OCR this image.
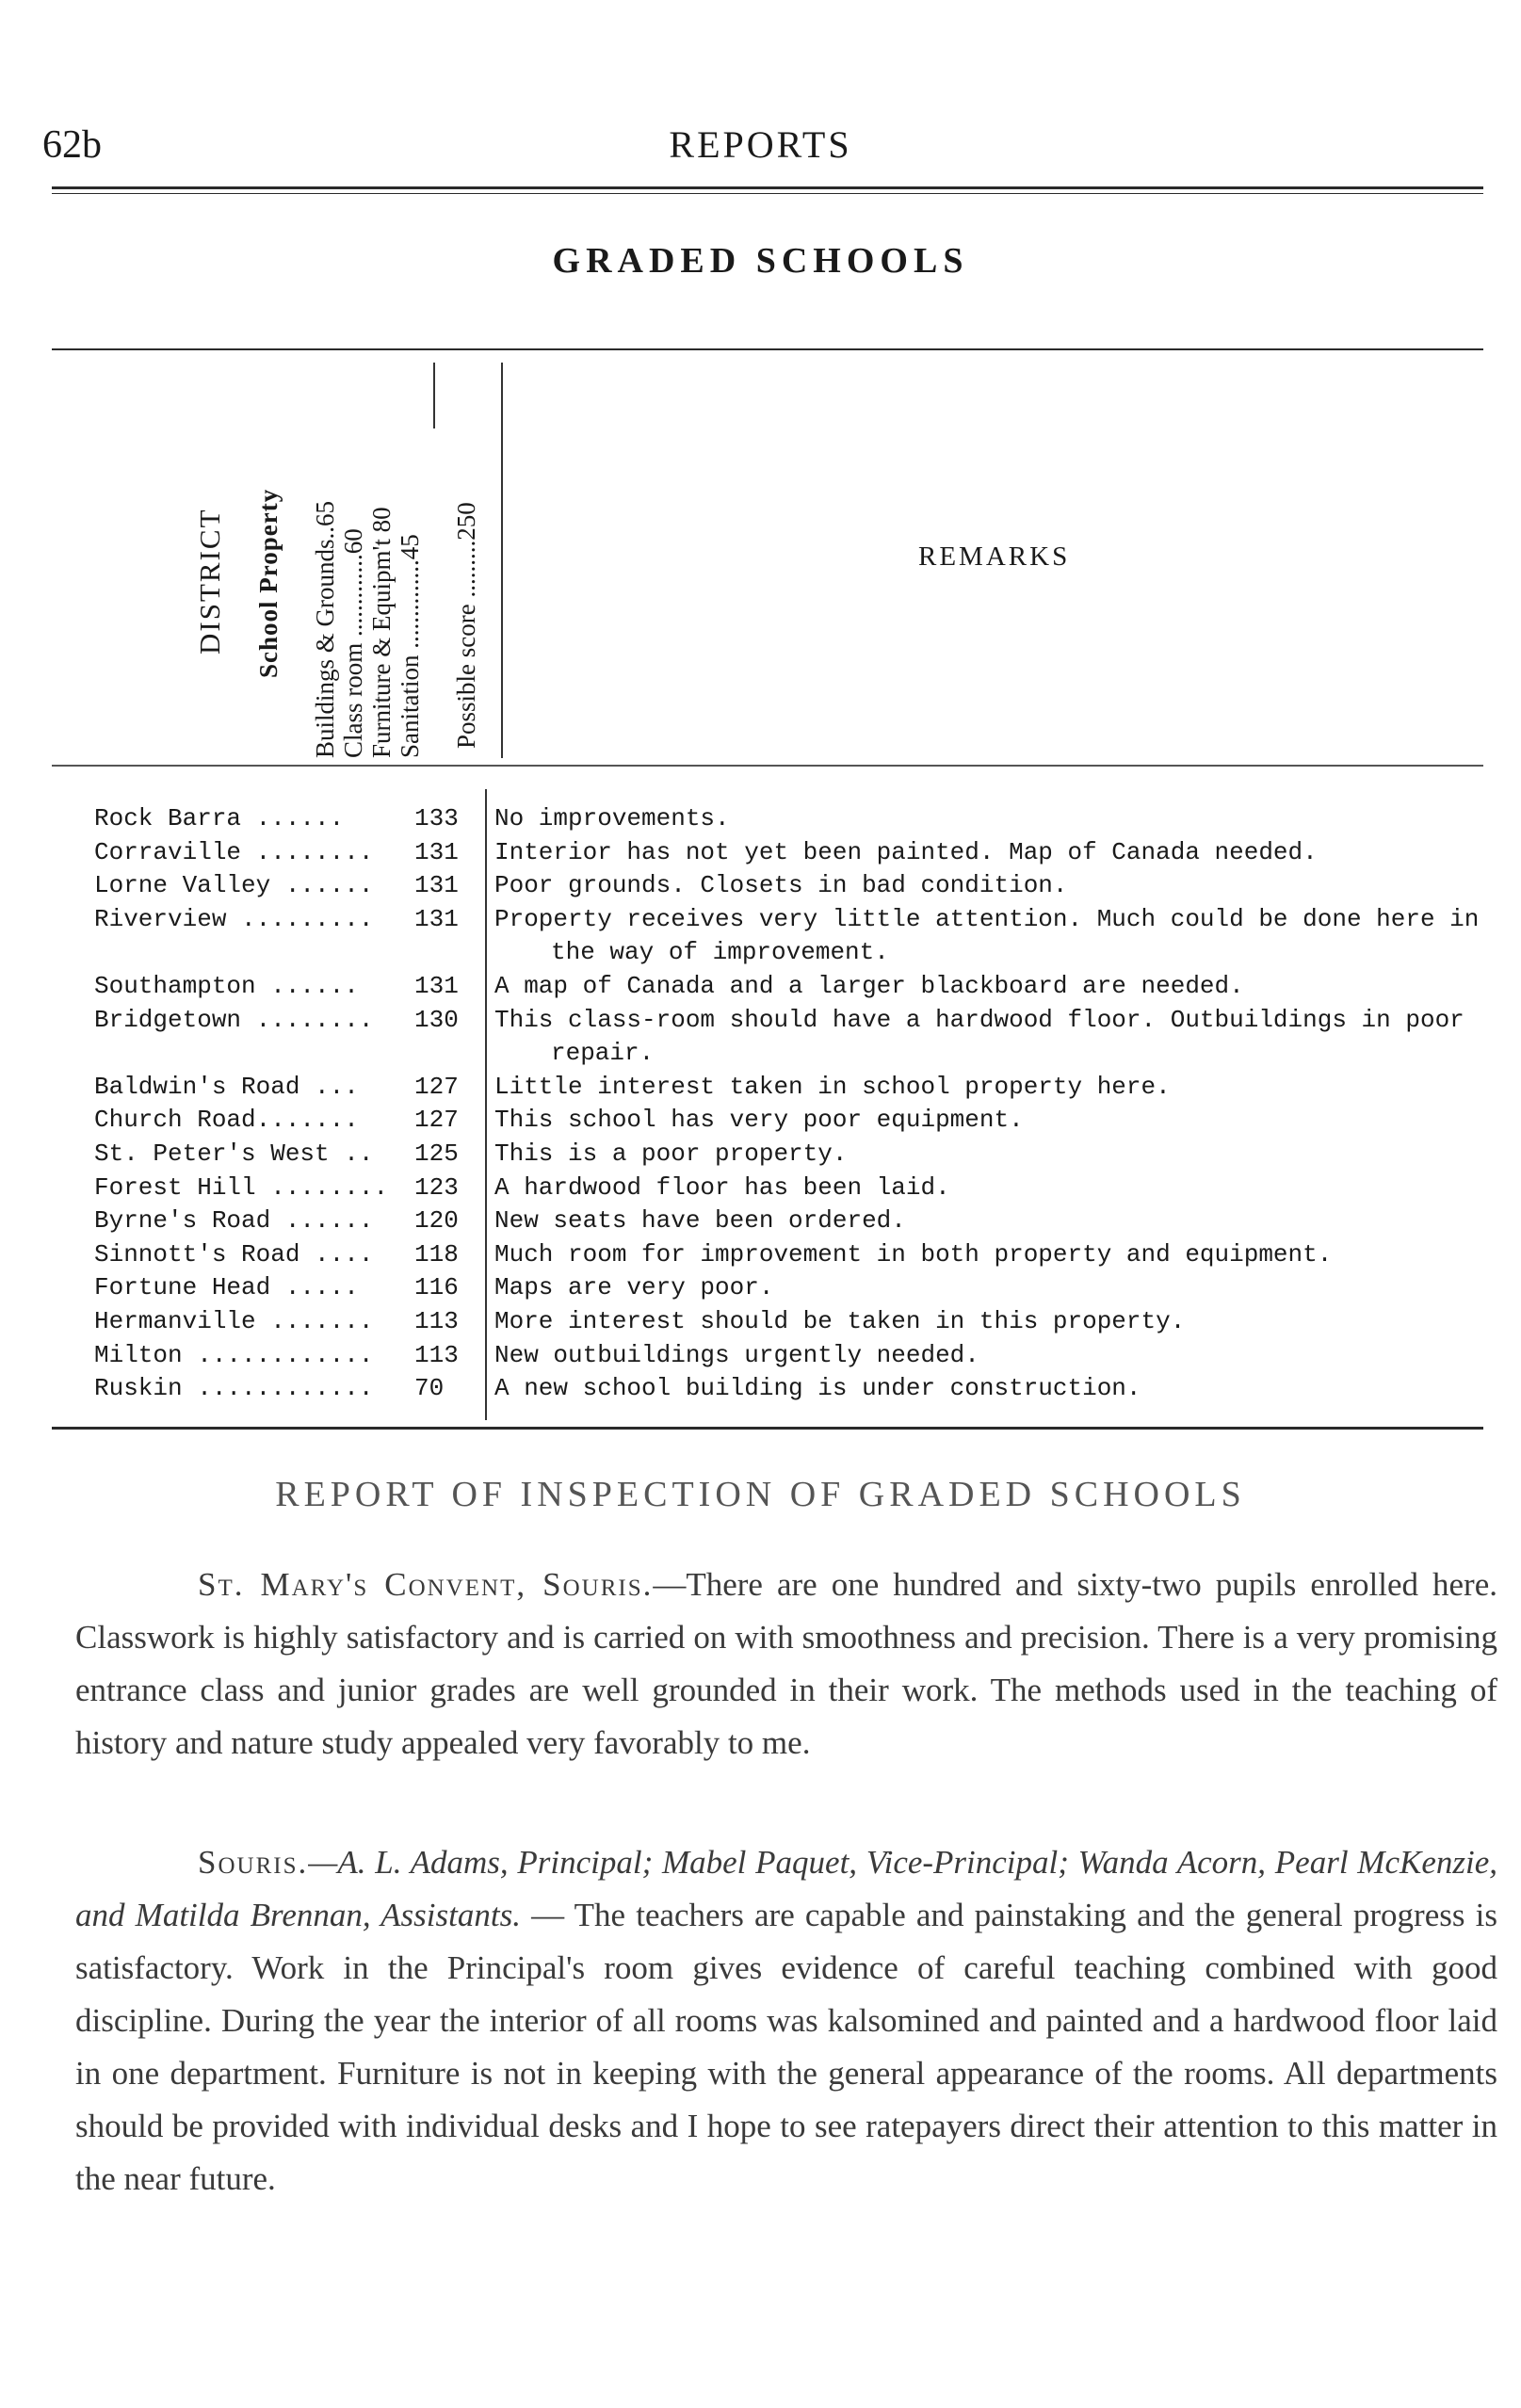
62b	REPORTS
GRADED SCHOOLS
DISTRICT School Property Buildings & Grounds..65 Class room .............60 Furniture & Equipm't 80 Sanitation ..............45 Possible score .........250	REMARKS
Rock Barra ......	133	No improvements.
Corraville ........	131	Interior has not yet been painted. Map of Canada needed.
Lorne Valley ......	131	Poor grounds. Closets in bad condition.
Riverview .........	131	Property receives very little attention. Much could be done here in the way of improvement.
Southampton ......	131	A map of Canada and a larger blackboard are needed.
Bridgetown ........	130	This class-room should have a hardwood floor. Outbuildings in poor repair.
Baldwin's Road ...	127	Little interest taken in school property here.
Church Road.......	127	This school has very poor equipment.
St. Peter's West ..	125	This is a poor property.
Forest Hill ........	123	A hardwood floor has been laid.
Byrne's Road ......	120	New seats have been ordered.
Sinnott's Road ....	118	Much room for improvement in both property and equipment.
Fortune Head .....	116	Maps are very poor.
Hermanville .......	113	More interest should be taken in this property.
Milton ............	113	New outbuildings urgently needed.
Ruskin ............	70	A new school building is under construction.
REPORT OF INSPECTION OF GRADED SCHOOLS
St. Mary's Convent, Souris.—There are one hundred and sixty-two pupils enrolled here. Classwork is highly satisfactory and is carried on with smoothness and precision. There is a very promising entrance class and junior grades are well grounded in their work. The methods used in the teaching of history and nature study appealed very favorably to me.
Souris.—A. L. Adams, Principal; Mabel Paquet, Vice-Principal; Wanda Acorn, Pearl McKenzie, and Matilda Brennan, Assistants. — The teachers are capable and painstaking and the general progress is satisfactory. Work in the Principal's room gives evidence of careful teaching combined with good discipline. During the year the interior of all rooms was kalsomined and painted and a hardwood floor laid in one department. Furniture is not in keeping with the general appearance of the rooms. All departments should be provided with individual desks and I hope to see ratepayers direct their attention to this matter in the near future.
